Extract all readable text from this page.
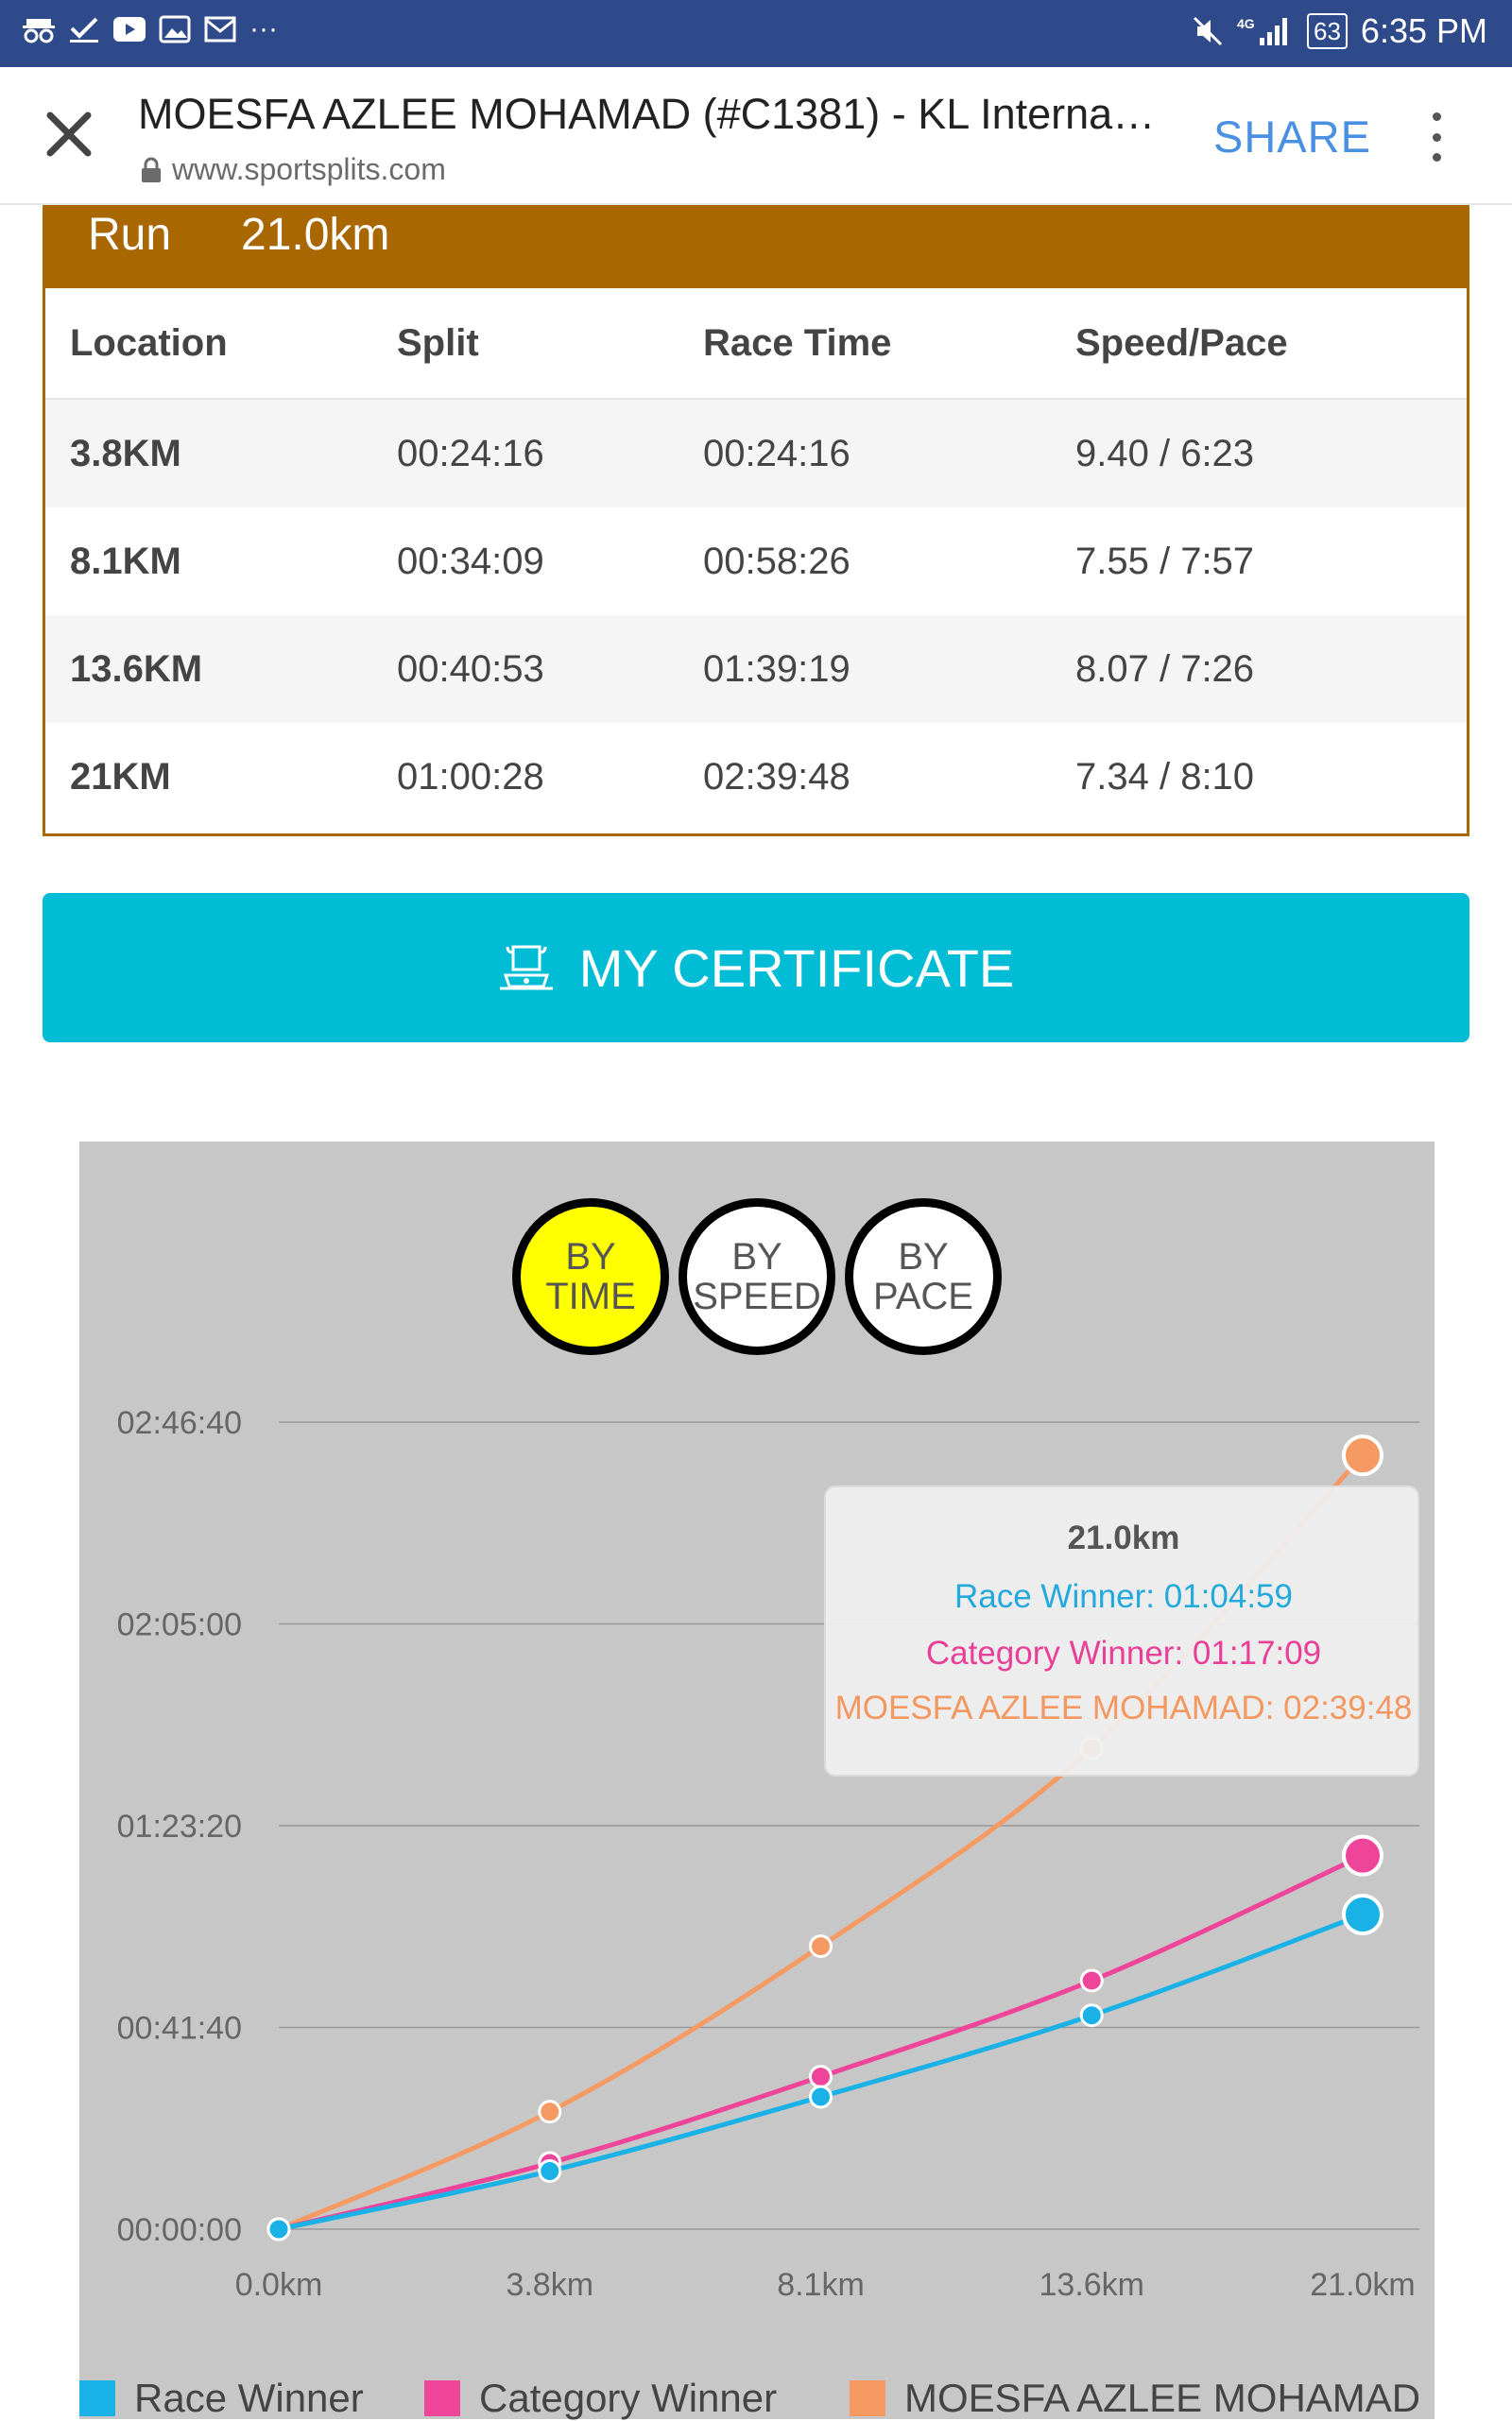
···	4G 63 6:35 PM
MOESFA AZLEE MOHAMAD (#C1381) - KL Interna…
www.sportsplits.com
SHARE
Run 21.0km
Location	Split	Race Time	Speed/Pace
3.8KM	00:24:16	00:24:16	9.40 / 6:23
8.1KM	00:34:09	00:58:26	7.55 / 7:57
13.6KM	00:40:53	01:39:19	8.07 / 7:26
21KM	01:00:28	02:39:48	7.34 / 8:10
MY CERTIFICATE
BY
TIME
BY
SPEED
BY
PACE
00:00:00
00:41:40
01:23:20
02:05:00
02:46:40
0.0km	3.8km	8.1km	13.6km	21.0km
21.0km
Race Winner: 01:04:59
Category Winner: 01:17:09
MOESFA AZLEE MOHAMAD: 02:39:48
Race Winner	Category Winner	MOESFA AZLEE MOHAMAD
